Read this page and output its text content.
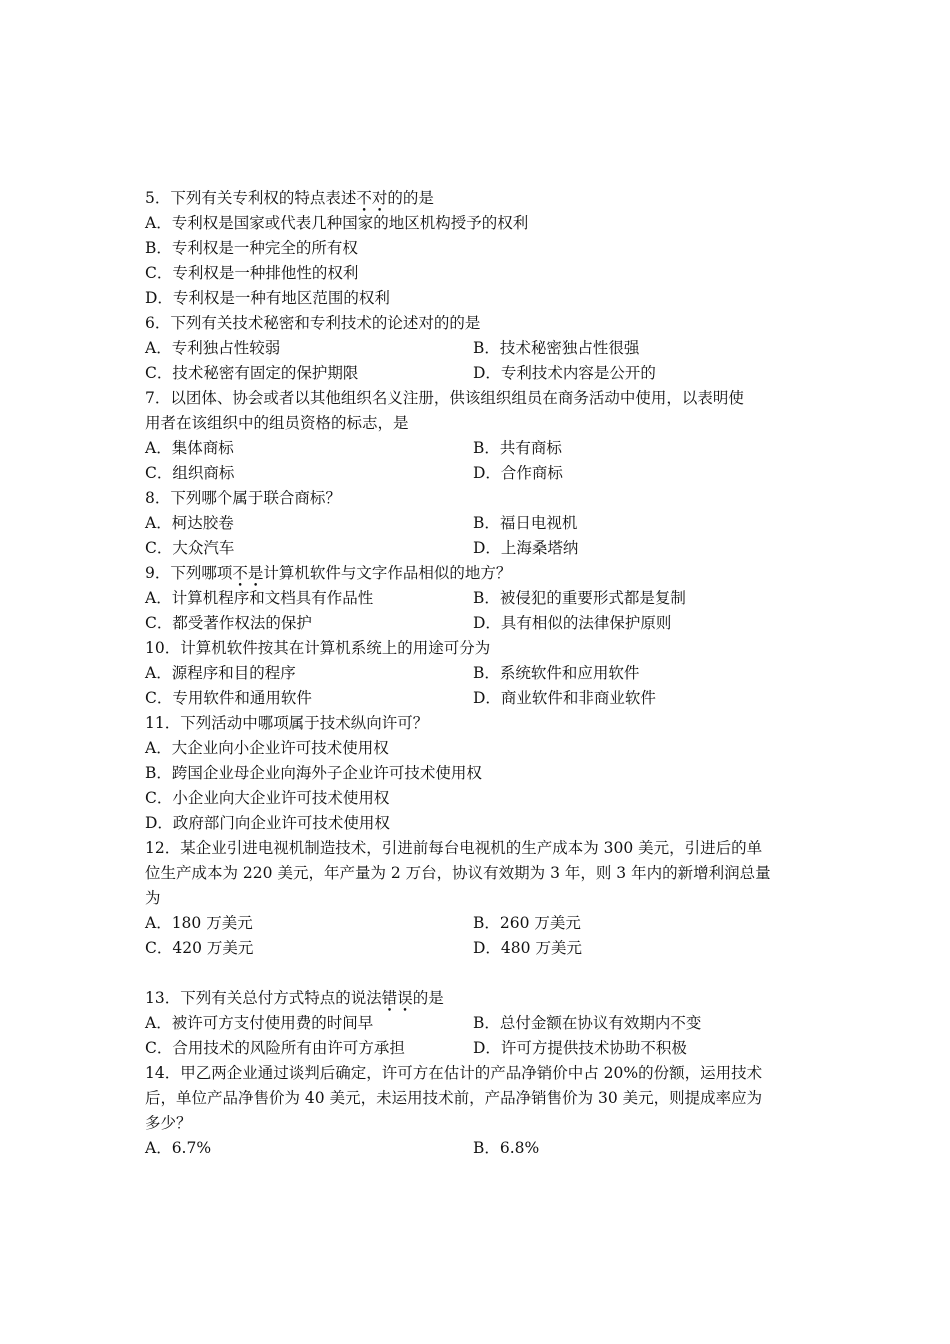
5．下列有关专利权的特点表述不对的的是
A．专利权是国家或代表几种国家的地区机构授予的权利
B．专利权是一种完全的所有权
C．专利权是一种排他性的权利
D．专利权是一种有地区范围的权利
6．下列有关技术秘密和专利技术的论述对的的是
A．专利独占性较弱	B．技术秘密独占性很强
C．技术秘密有固定的保护期限	D．专利技术内容是公开的
7．以团体、协会或者以其他组织名义注册，供该组织组员在商务活动中使用，以表明使
用者在该组织中的组员资格的标志，是
A．集体商标	B．共有商标
C．组织商标	D．合作商标
8．下列哪个属于联合商标？
A．柯达胶卷	B．福日电视机
C．大众汽车	D．上海桑塔纳
9．下列哪项不是计算机软件与文字作品相似的地方？
A．计算机程序和文档具有作品性	B．被侵犯的重要形式都是复制
C．都受著作权法的保护	D．具有相似的法律保护原则
10．计算机软件按其在计算机系统上的用途可分为
A．源程序和目的程序	B．系统软件和应用软件
C．专用软件和通用软件	D．商业软件和非商业软件
11．下列活动中哪项属于技术纵向许可？
A．大企业向小企业许可技术使用权
B．跨国企业母企业向海外子企业许可技术使用权
C．小企业向大企业许可技术使用权
D．政府部门向企业许可技术使用权
12．某企业引进电视机制造技术，引进前每台电视机的生产成本为 300 美元，引进后的单
位生产成本为 220 美元，年产量为 2 万台，协议有效期为 3 年，则 3 年内的新增利润总量
为
A．180 万美元	B．260 万美元
C．420 万美元	D．480 万美元
13．下列有关总付方式特点的说法错误的是
A．被许可方支付使用费的时间早	B．总付金额在协议有效期内不变
C．合用技术的风险所有由许可方承担	D．许可方提供技术协助不积极
14．甲乙两企业通过谈判后确定，许可方在估计的产品净销价中占 20%的份额，运用技术
后，单位产品净售价为 40 美元，未运用技术前，产品净销售价为 30 美元，则提成率应为
多少？
A．6.7%	B．6.8%
